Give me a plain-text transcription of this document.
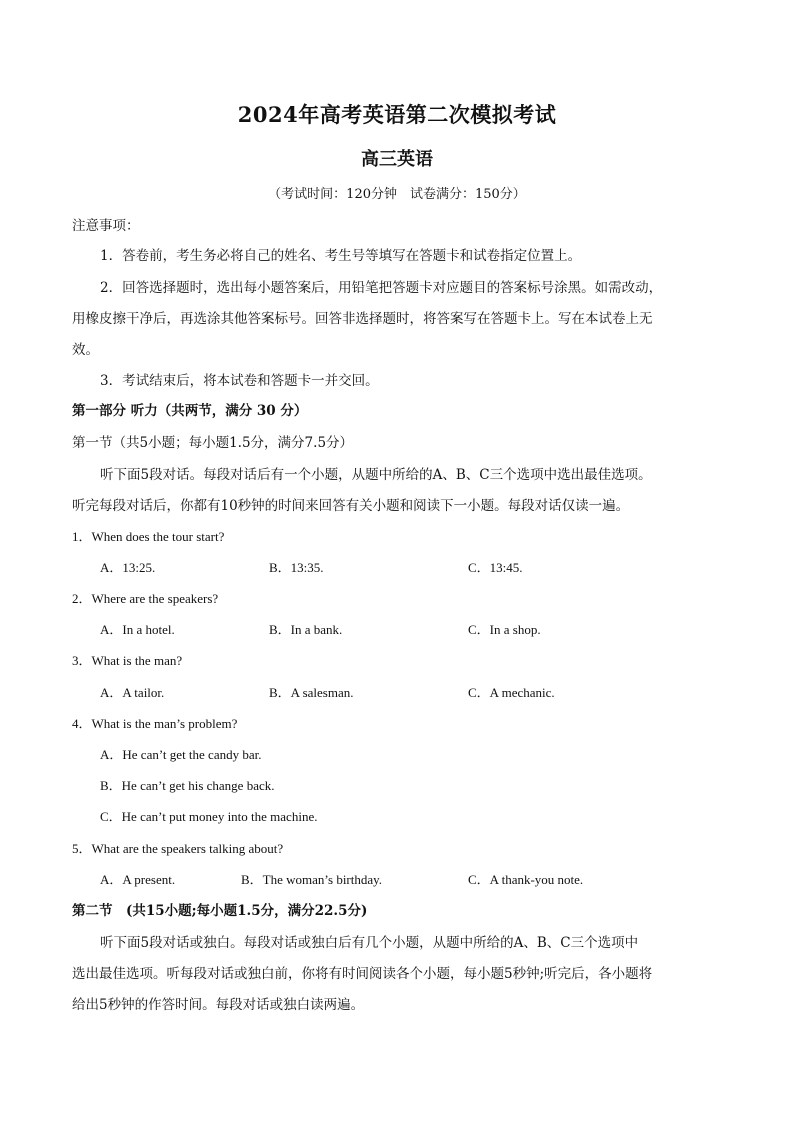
2024年高考英语第二次模拟考试
高三英语
（考试时间：120分钟　试卷满分：150分）
注意事项：
1．答卷前，考生务必将自己的姓名、考生号等填写在答题卡和试卷指定位置上。
2．回答选择题时，选出每小题答案后，用铅笔把答题卡对应题目的答案标号涂黑。如需改动，
用橡皮擦干净后，再选涂其他答案标号。回答非选择题时，将答案写在答题卡上。写在本试卷上无
效。
3．考试结束后，将本试卷和答题卡一并交回。
第一部分 听力（共两节，满分 30 分）
第一节（共5小题；每小题1.5分，满分7.5分）
听下面5段对话。每段对话后有一个小题，从题中所给的A、B、C三个选项中选出最佳选项。
听完每段对话后，你都有10秒钟的时间来回答有关小题和阅读下一小题。每段对话仅读一遍。
1．When does the tour start?
A．13:25.	B．13:35.	C．13:45.
2．Where are the speakers?
A．In a hotel.	B．In a bank.	C．In a shop.
3．What is the man?
A．A tailor.	B．A salesman.	C．A mechanic.
4．What is the man’s problem?
A．He can’t get the candy bar.
B．He can’t get his change back.
C．He can’t put money into the machine.
5．What are the speakers talking about?
A．A present.	B．The woman’s birthday.	C．A thank-you note.
第二节　(共15小题;每小题1.5分，满分22.5分)
听下面5段对话或独白。每段对话或独白后有几个小题，从题中所给的A、B、C三个选项中
选出最佳选项。听每段对话或独白前，你将有时间阅读各个小题，每小题5秒钟;听完后，各小题将
给出5秒钟的作答时间。每段对话或独白读两遍。
